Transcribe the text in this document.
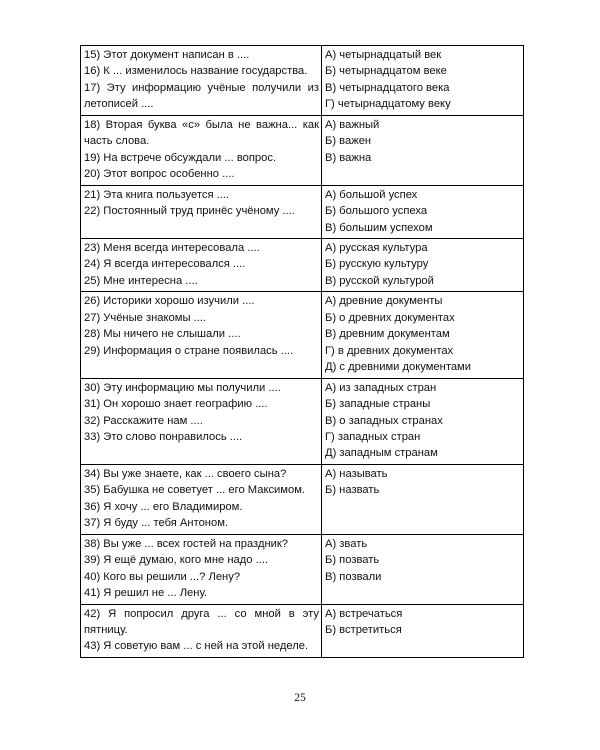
15) Этот документ написан в ....
16) К ... изменилось название государства.
17) Эту информацию учёные получили из летописей ....	А) четырнадцатый век
Б) четырнадцатом веке
В) четырнадцатого века
Г) четырнадцатому веку

18) Вторая буква «с» была не важна... как часть слова.
19) На встрече обсуждали ... вопрос.
20) Этот вопрос особенно ....	А) важный
Б) важен
В) важна

21) Эта книга пользуется ....
22) Постоянный труд принёс учёному ....	А) большой успех
Б) большого успеха
В) большим успехом

23) Меня всегда интересовала ....
24) Я всегда интересовался ....
25) Мне интересна ....	А) русская культура
Б) русскую культуру
В) русской культурой

26) Историки хорошо изучили ....
27) Учёные знакомы ....
28) Мы ничего не слышали ....
29) Информация о стране появилась ....	А) древние документы
Б) о древних документах
В) древним документам
Г) в древних документах
Д) с древними документами

30) Эту информацию мы получили ....
31) Он хорошо знает географию ....
32) Расскажите нам ....
33) Это слово понравилось ....	А) из западных стран
Б) западные страны
В) о западных странах
Г) западных стран
Д) западным странам

34) Вы уже знаете, как ... своего сына?
35) Бабушка не советует ... его Максимом.
36) Я хочу ... его Владимиром.
37) Я буду ... тебя Антоном.	А) называть
Б) назвать

38) Вы уже ... всех гостей на праздник?
39) Я ещё думаю, кого мне надо ....
40) Кого вы решили ...? Лену?
41) Я решил не ... Лену.	А) звать
Б) позвать
В) позвали

42) Я попросил друга ... со мной в эту пятницу.
43) Я советую вам ... с ней на этой неделе.	А) встречаться
Б) встретиться
25
